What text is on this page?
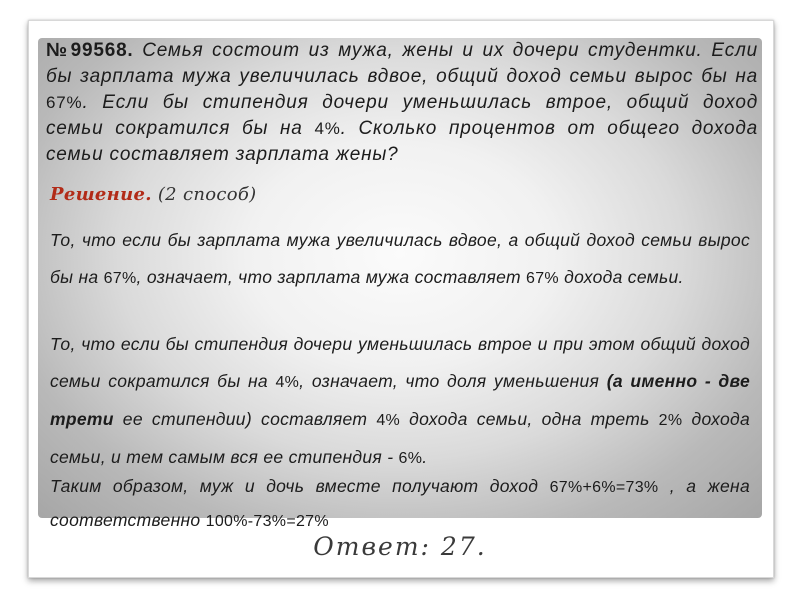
№99568. Семья состоит из мужа, жены и их дочери студентки. Если бы зарплата мужа увеличилась вдвое, общий доход семьи вырос бы на 67%. Если бы стипендия дочери уменьшилась втрое, общий доход семьи сократился бы на 4%. Сколько процентов от общего дохода семьи составляет зарплата жены?
Решение. (2 способ)
То, что если бы зарплата мужа увеличилась вдвое, а общий доход семьи вырос бы на 67%, означает, что зарплата мужа составляет 67% дохода семьи.
То, что если бы стипендия дочери уменьшилась втрое и при этом общий доход семьи сократился бы на 4%, означает, что доля уменьшения (а именно - две трети ее стипендии) составляет 4% дохода семьи, одна треть 2% дохода семьи, и тем самым вся ее стипендия - 6%.
Таким образом, муж и дочь вместе получают доход 67%+6%=73% , а жена соответственно 100%-73%=27%
Ответ: 27.
